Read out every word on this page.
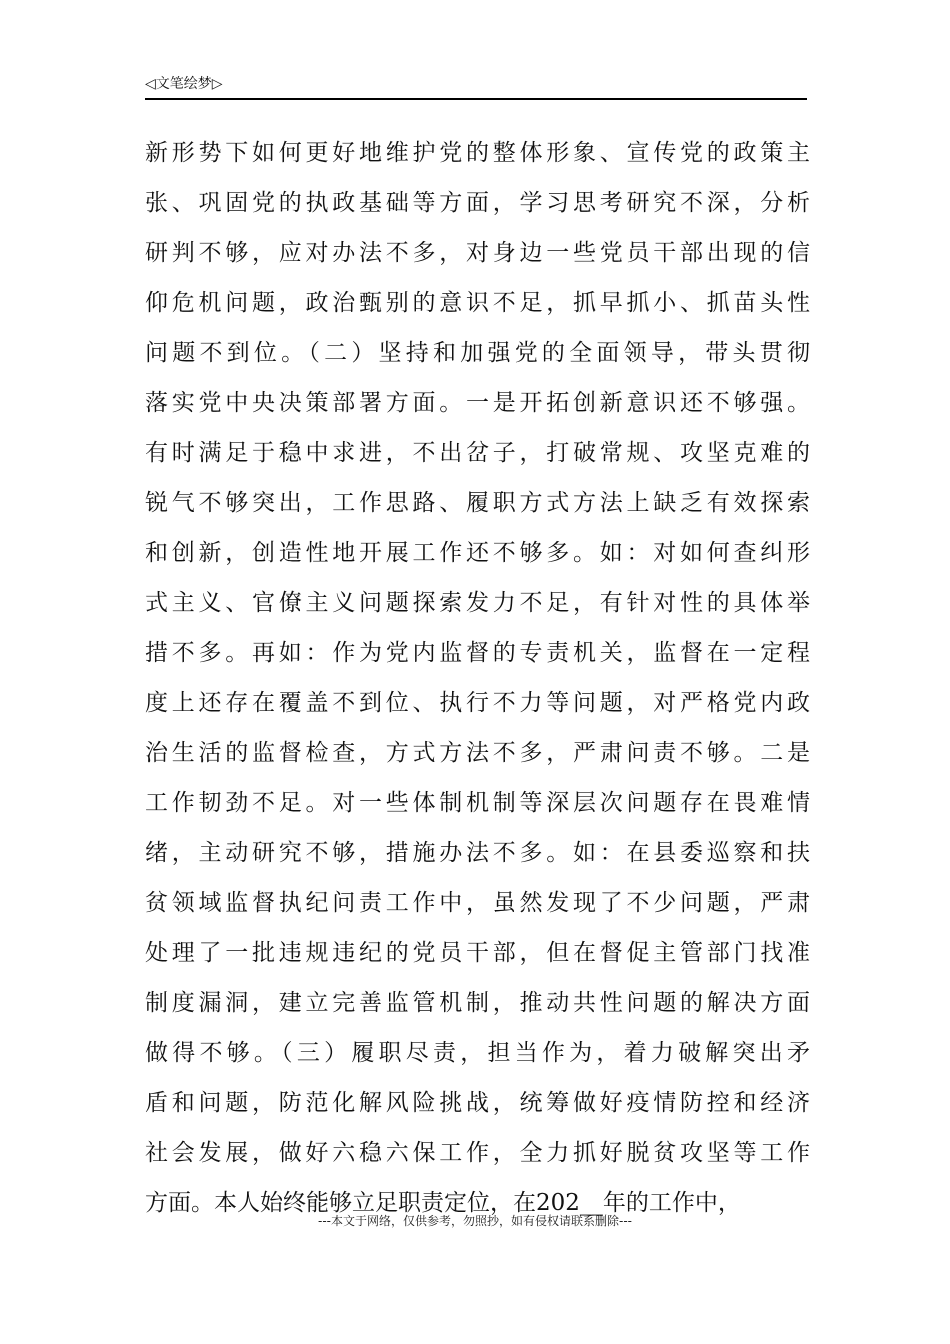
◁文笔绘梦▷
新形势下如何更好地维护党的整体形象、宣传党的政策主
张、巩固党的执政基础等方面，学习思考研究不深，分析
研判不够，应对办法不多，对身边一些党员干部出现的信
仰危机问题，政治甄别的意识不足，抓早抓小、抓苗头性
问题不到位。（二）坚持和加强党的全面领导，带头贯彻
落实党中央决策部署方面。一是开拓创新意识还不够强。
有时满足于稳中求进，不出岔子，打破常规、攻坚克难的
锐气不够突出，工作思路、履职方式方法上缺乏有效探索
和创新，创造性地开展工作还不够多。如：对如何查纠形
式主义、官僚主义问题探索发力不足，有针对性的具体举
措不多。再如：作为党内监督的专责机关，监督在一定程
度上还存在覆盖不到位、执行不力等问题，对严格党内政
治生活的监督检查，方式方法不多，严肃问责不够。二是
工作韧劲不足。对一些体制机制等深层次问题存在畏难情
绪，主动研究不够，措施办法不多。如：在县委巡察和扶
贫领域监督执纪问责工作中，虽然发现了不少问题，严肃
处理了一批违规违纪的党员干部，但在督促主管部门找准
制度漏洞，建立完善监管机制，推动共性问题的解决方面
做得不够。（三）履职尽责，担当作为，着力破解突出矛
盾和问题，防范化解风险挑战，统筹做好疫情防控和经济
社会发展，做好六稳六保工作，全力抓好脱贫攻坚等工作
方面。本人始终能够立足职责定位，在202__年的工作中，
---本文于网络，仅供参考，勿照抄，如有侵权请联系删除---
